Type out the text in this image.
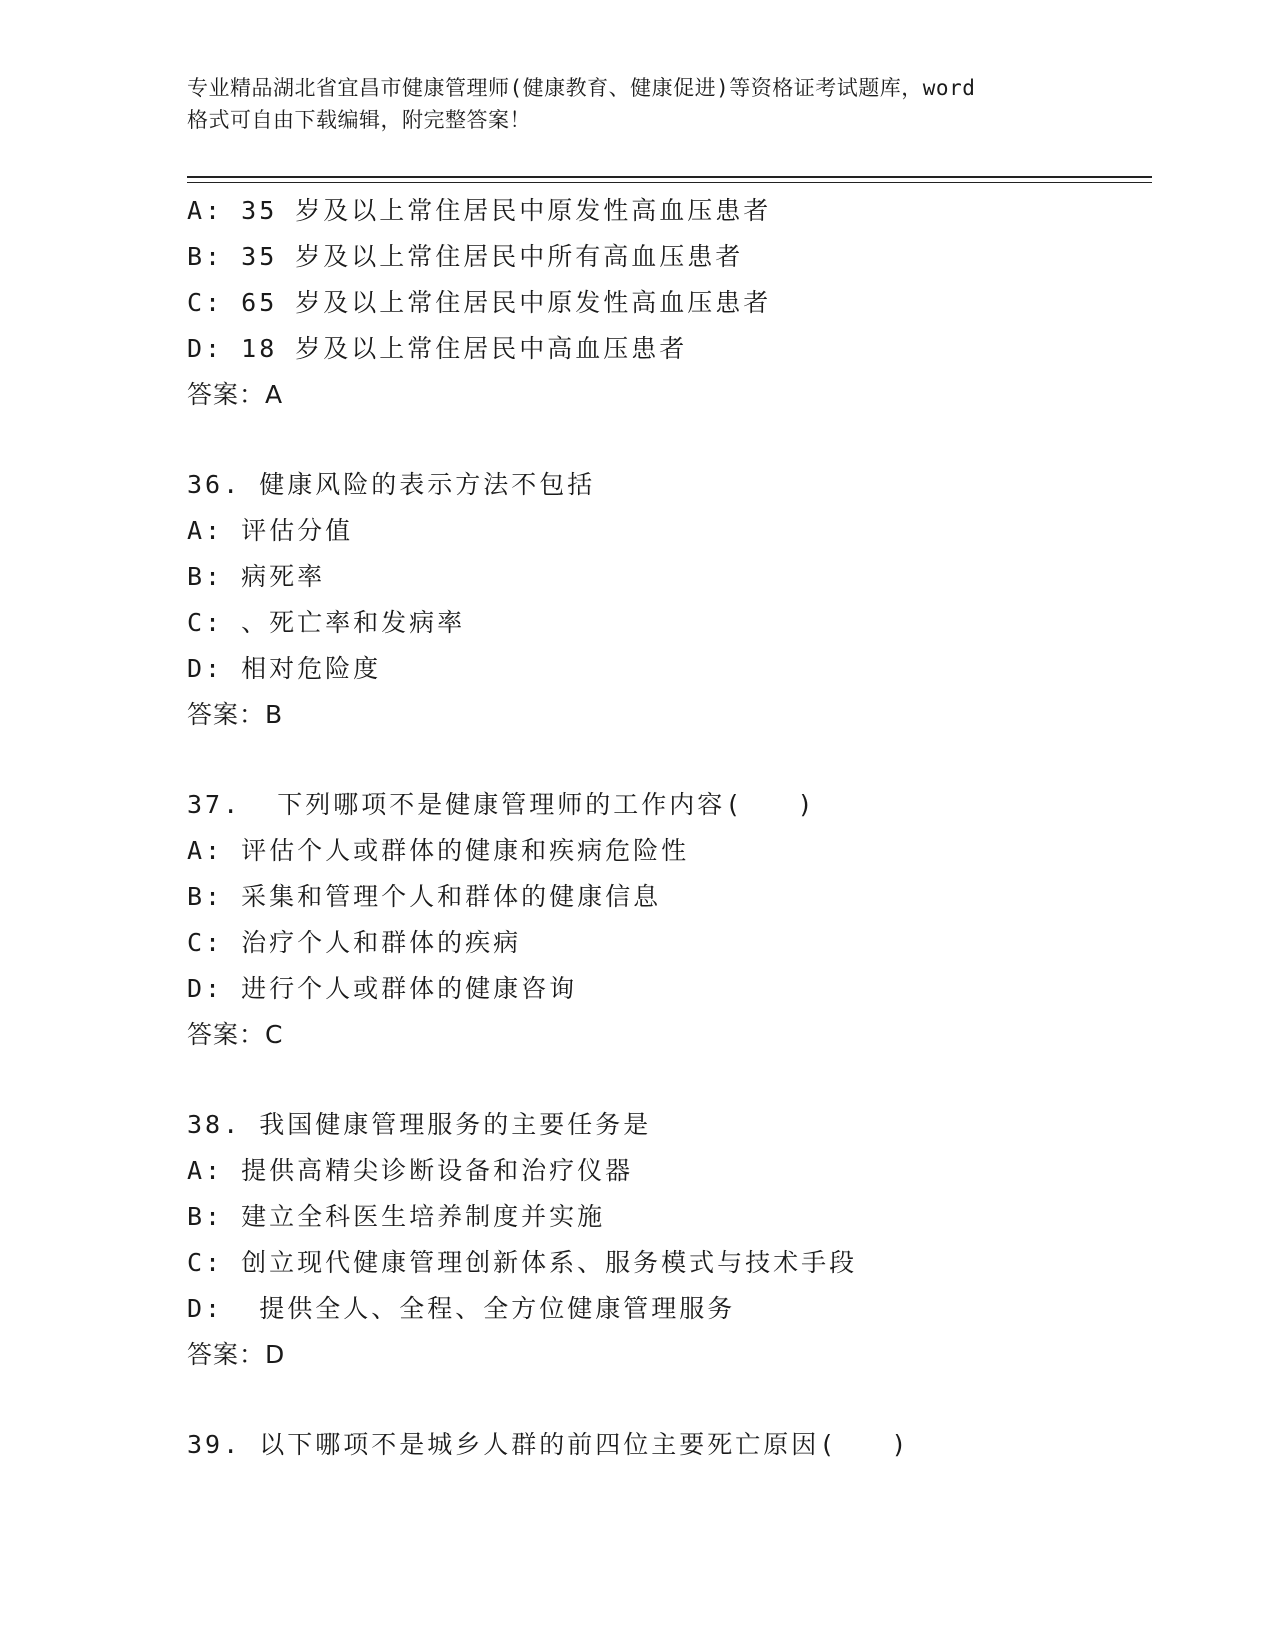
专业精品湖北省宜昌市健康管理师(健康教育、健康促进)等资格证考试题库，word
格式可自由下载编辑，附完整答案！
A: 35 岁及以上常住居民中原发性高血压患者
B: 35 岁及以上常住居民中所有高血压患者
C: 65 岁及以上常住居民中原发性高血压患者
D: 18 岁及以上常住居民中高血压患者
答案：A
36. 健康风险的表示方法不包括
A: 评估分值
B: 病死率
C: 、死亡率和发病率
D: 相对危险度
答案：B
37.  下列哪项不是健康管理师的工作内容(   )
A: 评估个人或群体的健康和疾病危险性
B: 采集和管理个人和群体的健康信息
C: 治疗个人和群体的疾病
D: 进行个人或群体的健康咨询
答案：C
38. 我国健康管理服务的主要任务是
A: 提供高精尖诊断设备和治疗仪器
B: 建立全科医生培养制度并实施
C: 创立现代健康管理创新体系、服务模式与技术手段
D:  提供全人、全程、全方位健康管理服务
答案：D
39. 以下哪项不是城乡人群的前四位主要死亡原因(   )
